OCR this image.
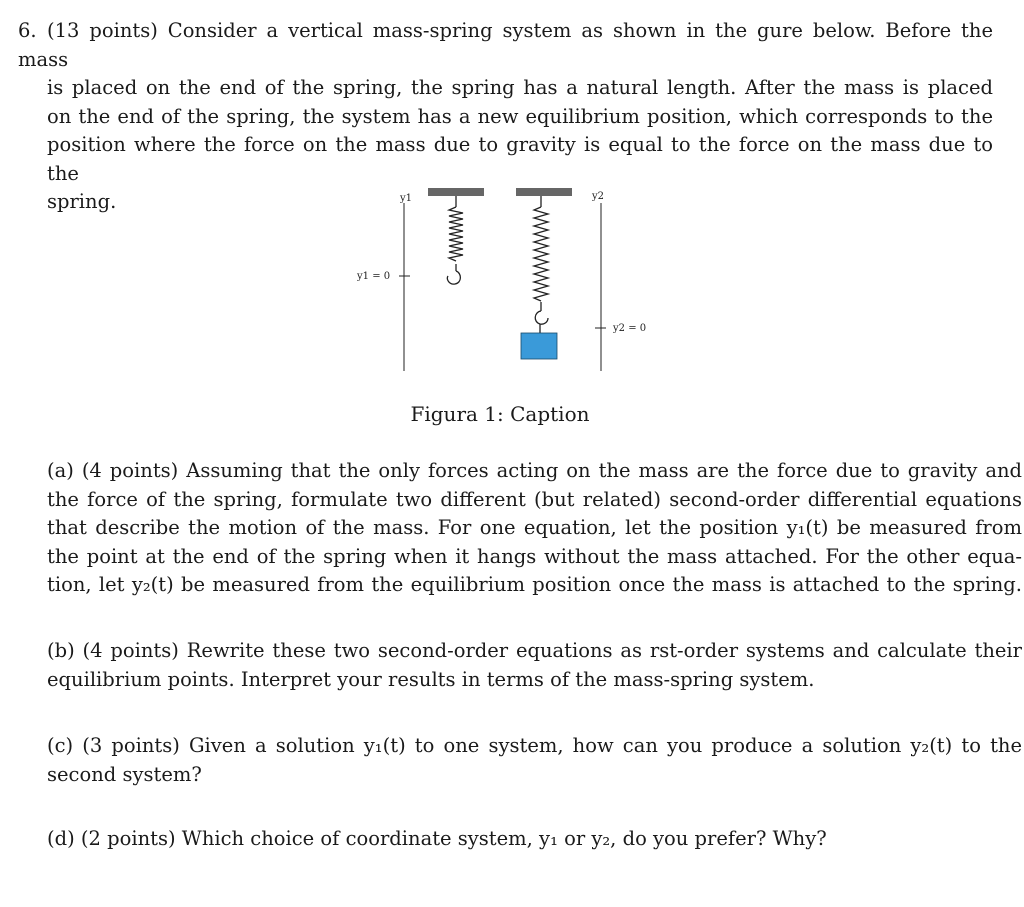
6. (13 points) Consider a vertical mass-spring system as shown in the gure below. Before the mass
is placed on the end of the spring, the spring has a natural length. After the mass is placed
on the end of the spring, the system has a new equilibrium position, which corresponds to the
position where the force on the mass due to gravity is equal to the force on the mass due to the
spring.	y1
y1 = 0
y2
y2 = 0
Figura 1: Caption
(a) (4 points) Assuming that the only forces acting on the mass are the force due to gravity and
the force of the spring, formulate two different (but related) second-order differential equations
that describe the motion of the mass. For one equation, let the position y₁(t) be measured from
the point at the end of the spring when it hangs without the mass attached. For the other equa-
tion, let y₂(t) be measured from the equilibrium position once the mass is attached to the spring.
(b) (4 points) Rewrite these two second-order equations as rst-order systems and calculate their
equilibrium points. Interpret your results in terms of the mass-spring system.
(c) (3 points) Given a solution y₁(t) to one system, how can you produce a solution y₂(t) to the
second system?
(d) (2 points) Which choice of coordinate system, y₁ or y₂, do you prefer? Why?
